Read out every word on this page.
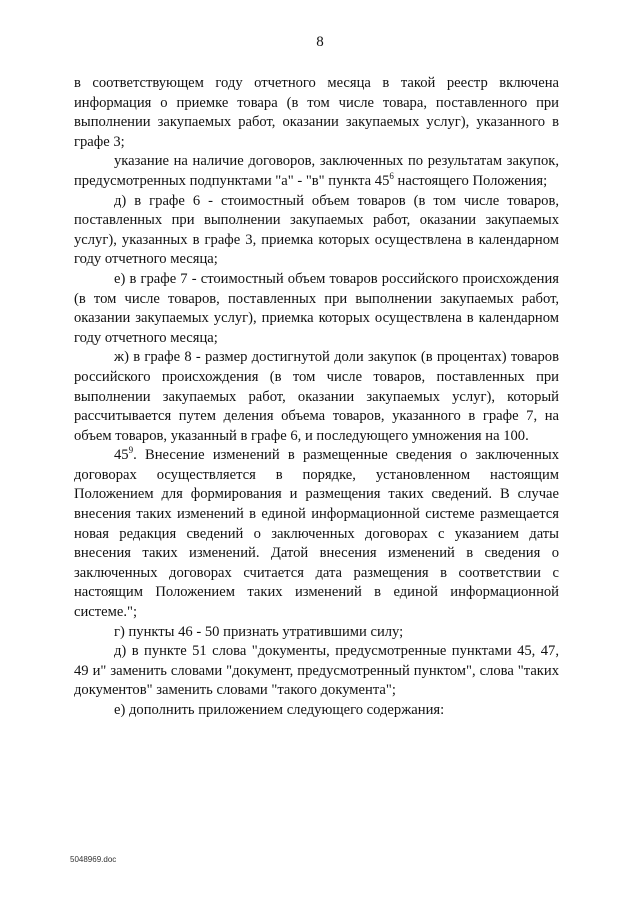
8

в соответствующем году отчетного месяца в такой реестр включена информация о приемке товара (в том числе товара, поставленного при выполнении закупаемых работ, оказании закупаемых услуг), указанного в графе 3;

указание на наличие договоров, заключенных по результатам закупок, предусмотренных подпунктами "а" - "в" пункта $45^6$ настоящего Положения;

д) в графе 6 - стоимостный объем товаров (в том числе товаров, поставленных при выполнении закупаемых работ, оказании закупаемых услуг), указанных в графе 3, приемка которых осуществлена в календарном году отчетного месяца;

е) в графе 7 - стоимостный объем товаров российского происхождения (в том числе товаров, поставленных при выполнении закупаемых работ, оказании закупаемых услуг), приемка которых осуществлена в календарном году отчетного месяца;

ж) в графе 8 - размер достигнутой доли закупок (в процентах) товаров российского происхождения (в том числе товаров, поставленных при выполнении закупаемых работ, оказании закупаемых услуг), который рассчитывается путем деления объема товаров, указанного в графе 7, на объем товаров, указанный в графе 6, и последующего умножения на 100.

$45^9$. Внесение изменений в размещенные сведения о заключенных договорах осуществляется в порядке, установленном настоящим Положением для формирования и размещения таких сведений. В случае внесения таких изменений в единой информационной системе размещается новая редакция сведений о заключенных договорах с указанием даты внесения таких изменений. Датой внесения изменений в сведения о заключенных договорах считается дата размещения в соответствии с настоящим Положением таких изменений в единой информационной системе.";

г) пункты 46 - 50 признать утратившими силу;

д) в пункте 51 слова "документы, предусмотренные пунктами 45, 47, 49 и" заменить словами "документ, предусмотренный пунктом", слова "таких документов" заменить словами "такого документа";

е) дополнить приложением следующего содержания:

5048969.doc
